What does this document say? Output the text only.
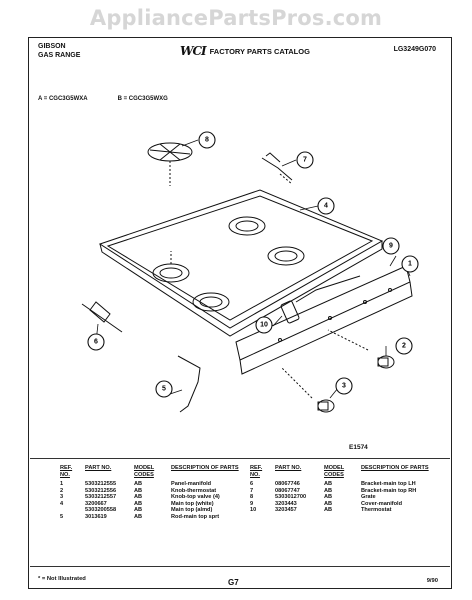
AppliancePartsPros.com
GIBSON
GAS RANGE	WCI FACTORY PARTS CATALOG	LG3249G070
A = CGC3G5WXA	B = CGC3G5WXG
1
2
3
4
5
6
7
8
9
10
E1574
REF. NO.	PART NO.	MODEL CODES	DESCRIPTION OF PARTS
1	5303212555	AB	Panel-manifold
2	5303212556	AB	Knob-thermostat
3	5303212557	AB	Knob-top valve (4)
4	3200667	AB	Main top (white)
	5303200558	AB	Main top (almd)
5	3013619	AB	Rod-main top sprt
REF. NO.	PART NO.	MODEL CODES	DESCRIPTION OF PARTS
6	08067746	AB	Bracket-main top LH
7	08067747	AB	Bracket-main top RH
8	5303012700	AB	Grate
9	3203443	AB	Cover-manifold
10	3203457	AB	Thermostat
* = Not Illustrated	G7	9/90
